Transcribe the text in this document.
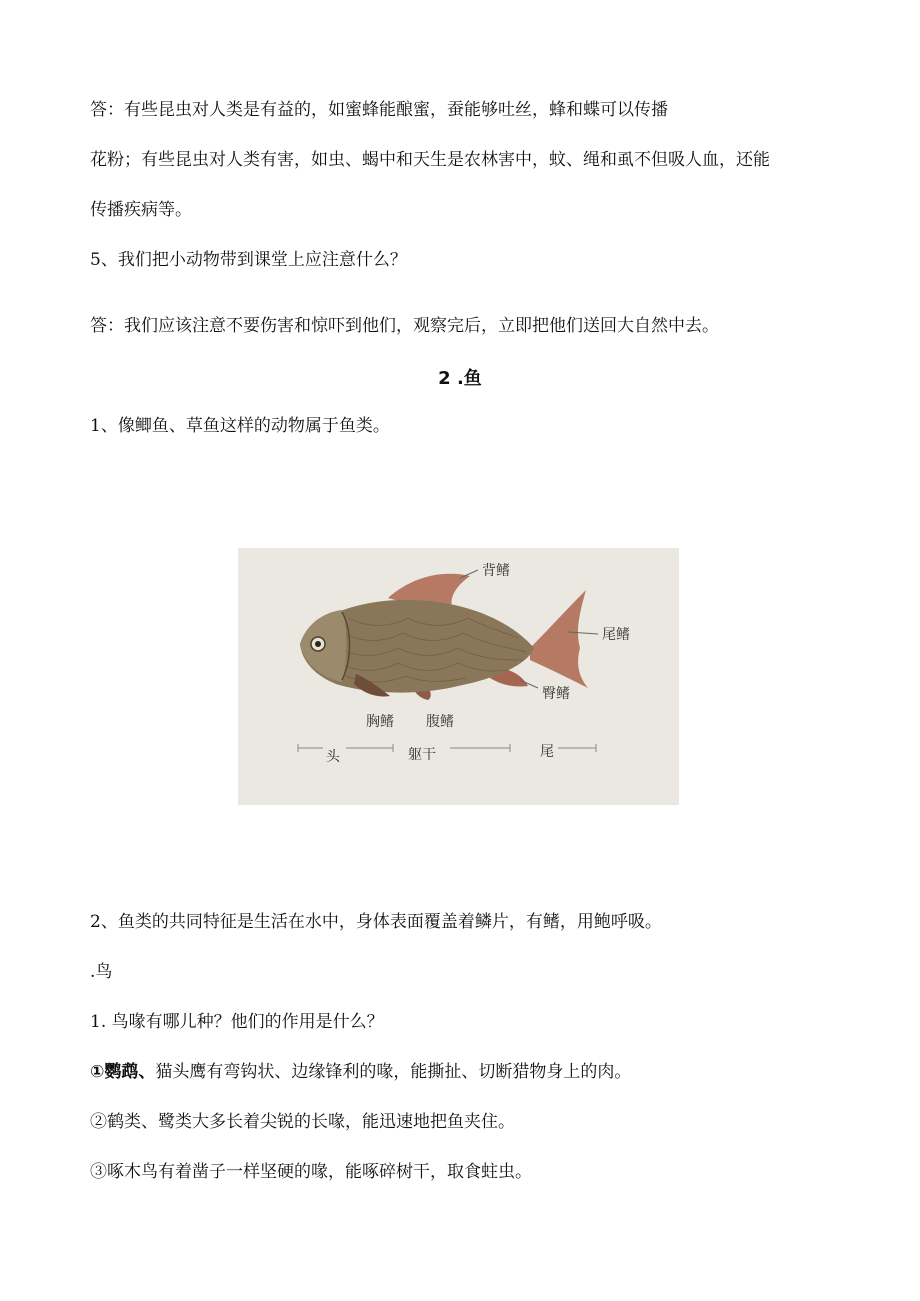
答：有些昆虫对人类是有益的，如蜜蜂能酿蜜，蚕能够吐丝，蜂和蝶可以传播

花粉；有些昆虫对人类有害，如虫、蝎中和天生是农林害中，蚊、绳和虱不但吸人血，还能

传播疾病等。

5、我们把小动物带到课堂上应注意什么？

答：我们应该注意不要伤害和惊吓到他们，观察完后，立即把他们送回大自然中去。

2 .鱼

1、像鲫鱼、草鱼这样的动物属于鱼类。

背鳍
尾鳍
臀鳍
胸鳍 腹鳍
头	躯干	尾

2、鱼类的共同特征是生活在水中，身体表面覆盖着鳞片，有鳍，用鲍呼吸。

.鸟

1. 鸟喙有哪儿种？他们的作用是什么？

①鹦鹉、猫头鹰有弯钩状、边缘锋利的喙，能撕扯、切断猎物身上的肉。

②鹤类、鹭类大多长着尖锐的长喙，能迅速地把鱼夹住。

③啄木鸟有着凿子一样坚硬的喙，能啄碎树干，取食蛀虫。
